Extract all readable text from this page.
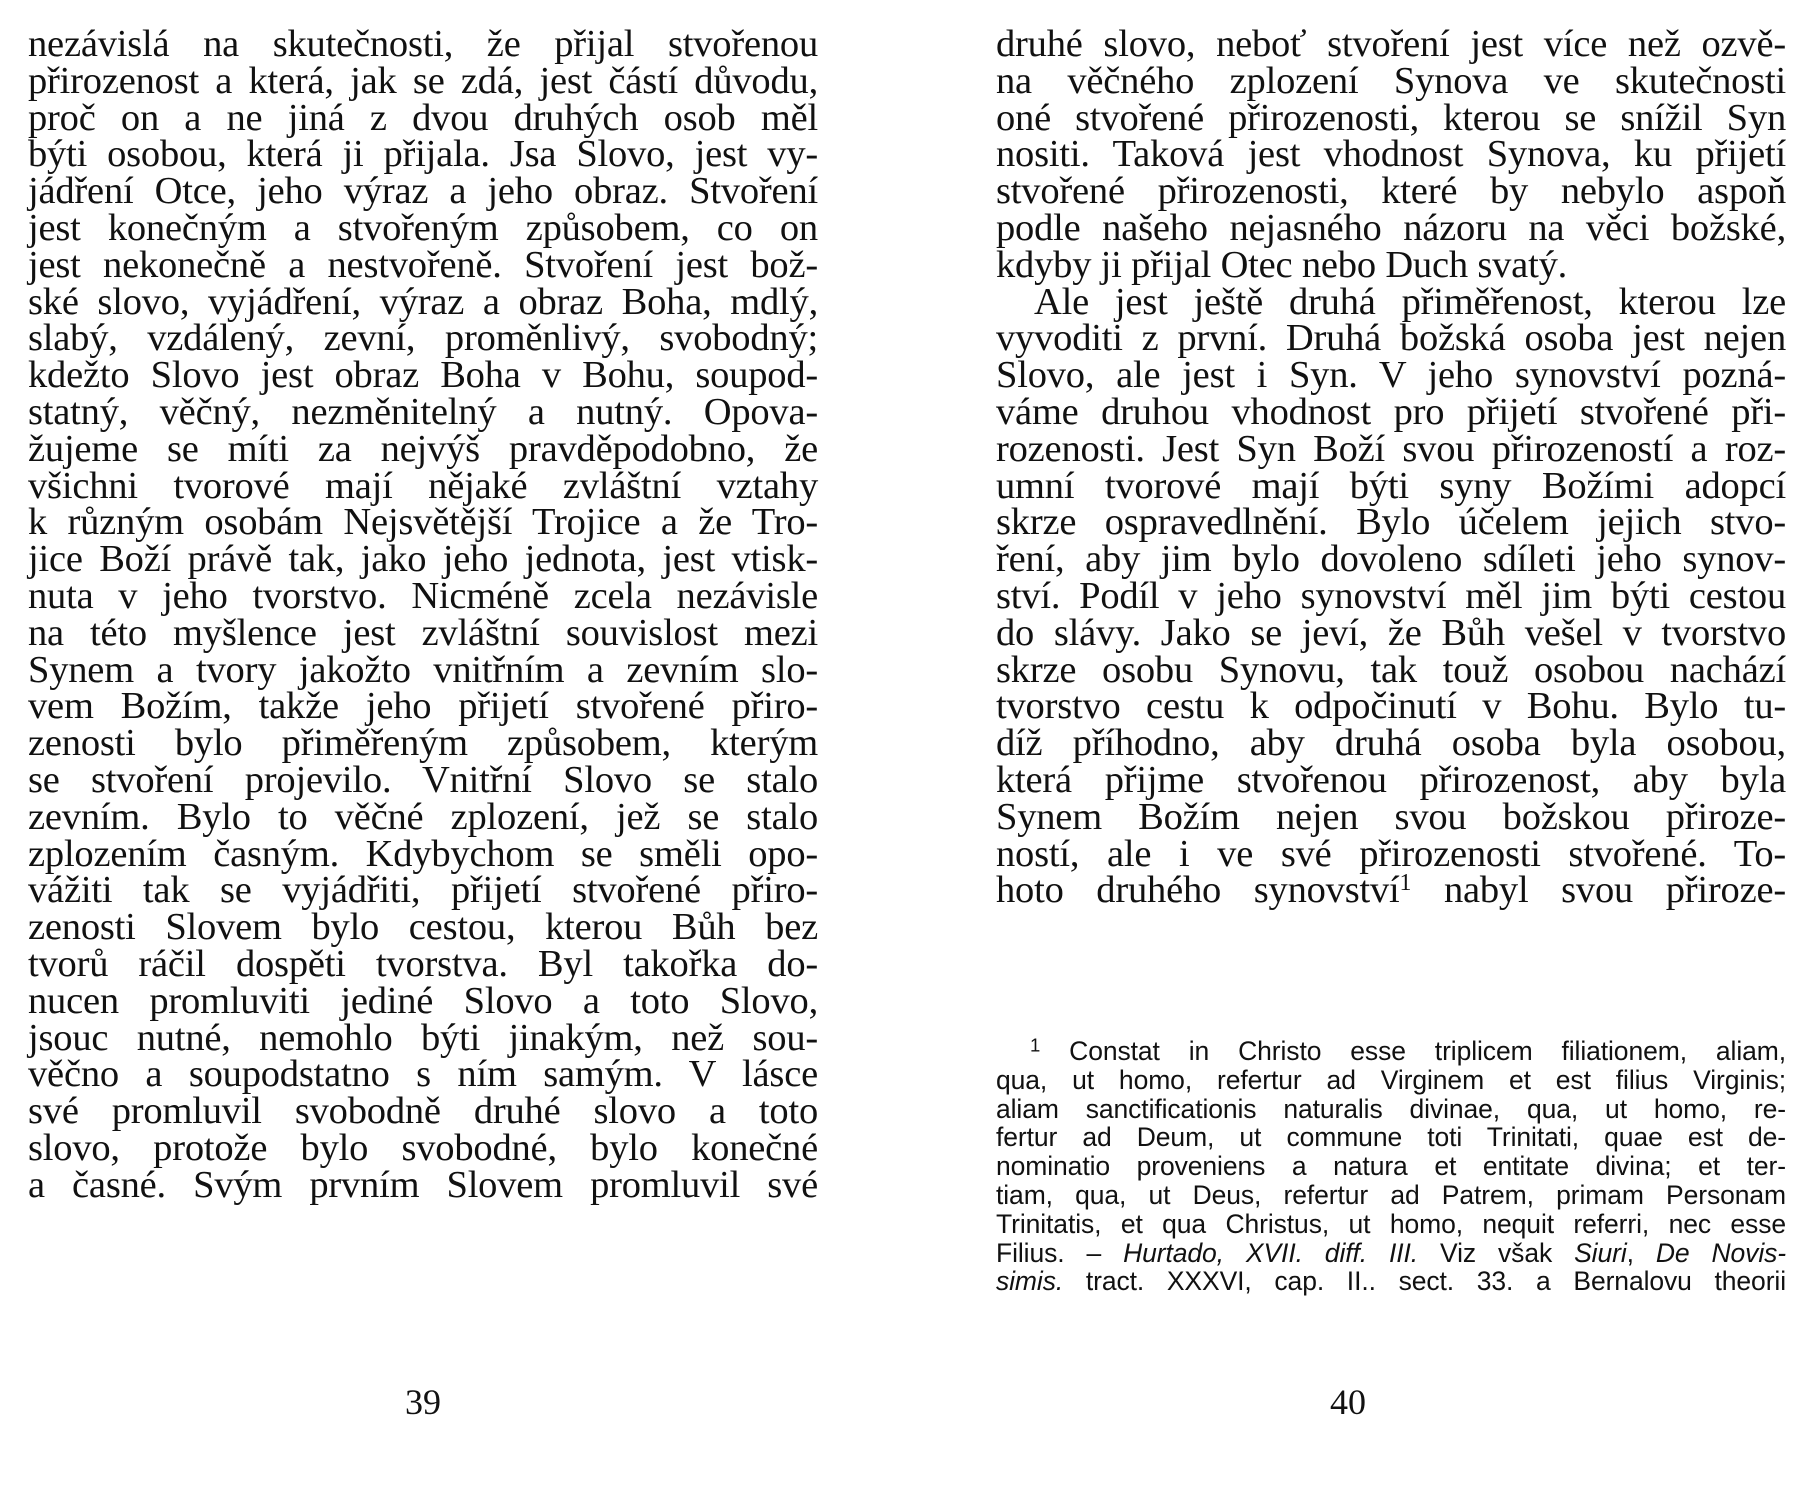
nezávislá na skutečnosti, že přijal stvořenou
přirozenost a která, jak se zdá, jest částí důvodu,
proč on a ne jiná z dvou druhých osob měl
býti osobou, která ji přijala. Jsa Slovo, jest vy-
jádření Otce, jeho výraz a jeho obraz. Stvoření
jest konečným a stvořeným způsobem, co on
jest nekonečně a nestvořeně. Stvoření jest bož-
ské slovo, vyjádření, výraz a obraz Boha, mdlý,
slabý, vzdálený, zevní, proměnlivý, svobodný;
kdežto Slovo jest obraz Boha v Bohu, soupod-
statný, věčný, nezměnitelný a nutný. Opova-
žujeme se míti za nejvýš pravděpodobno, že
všichni tvorové mají nějaké zvláštní vztahy
k různým osobám Nejsvětější Trojice a že Tro-
jice Boží právě tak, jako jeho jednota, jest vtisk-
nuta v jeho tvorstvo. Nicméně zcela nezávisle
na této myšlence jest zvláštní souvislost mezi
Synem a tvory jakožto vnitřním a zevním slo-
vem Božím, takže jeho přijetí stvořené přiro-
zenosti bylo přiměřeným způsobem, kterým
se stvoření projevilo. Vnitřní Slovo se stalo
zevním. Bylo to věčné zplození, jež se stalo
zplozením časným. Kdybychom se směli opo-
vážiti tak se vyjádřiti, přijetí stvořené přiro-
zenosti Slovem bylo cestou, kterou Bůh bez
tvorů ráčil dospěti tvorstva. Byl takořka do-
nucen promluviti jediné Slovo a toto Slovo,
jsouc nutné, nemohlo býti jinakým, než sou-
věčno a soupodstatno s ním samým. V lásce
své promluvil svobodně druhé slovo a toto
slovo, protože bylo svobodné, bylo konečné
a časné. Svým prvním Slovem promluvil své
39
druhé slovo, neboť stvoření jest více než ozvě-
na věčného zplození Synova ve skutečnosti
oné stvořené přirozenosti, kterou se snížil Syn
nositi. Taková jest vhodnost Synova, ku přijetí
stvořené přirozenosti, které by nebylo aspoň
podle našeho nejasného názoru na věci božské,
kdyby ji přijal Otec nebo Duch svatý.
Ale jest ještě druhá přiměřenost, kterou lze
vyvoditi z první. Druhá božská osoba jest nejen
Slovo, ale jest i Syn. V jeho synovství pozná-
váme druhou vhodnost pro přijetí stvořené při-
rozenosti. Jest Syn Boží svou přirozeností a roz-
umní tvorové mají býti syny Božími adopcí
skrze ospravedlnění. Bylo účelem jejich stvo-
ření, aby jim bylo dovoleno sdíleti jeho synov-
ství. Podíl v jeho synovství měl jim býti cestou
do slávy. Jako se jeví, že Bůh vešel v tvorstvo
skrze osobu Synovu, tak touž osobou nachází
tvorstvo cestu k odpočinutí v Bohu. Bylo tu-
díž příhodno, aby druhá osoba byla osobou,
která přijme stvořenou přirozenost, aby byla
Synem Božím nejen svou božskou přiroze-
ností, ale i ve své přirozenosti stvořené. To-
hoto druhého synovství$^1$ nabyl svou přiroze-
$^1$ Constat in Christo esse triplicem filiationem, aliam,
qua, ut homo, refertur ad Virginem et est filius Virginis;
aliam sanctificationis naturalis divinae, qua, ut homo, re-
fertur ad Deum, ut commune toti Trinitati, quae est de-
nominatio proveniens a natura et entitate divina; et ter-
tiam, qua, ut Deus, refertur ad Patrem, primam Personam
Trinitatis, et qua Christus, ut homo, nequit referri, nec esse
Filius. – Hurtado, XVII. diff. III. Viz však Siuri, De Novis-
simis. tract. XXXVI, cap. II.. sect. 33. a Bernalovu theorii
40
